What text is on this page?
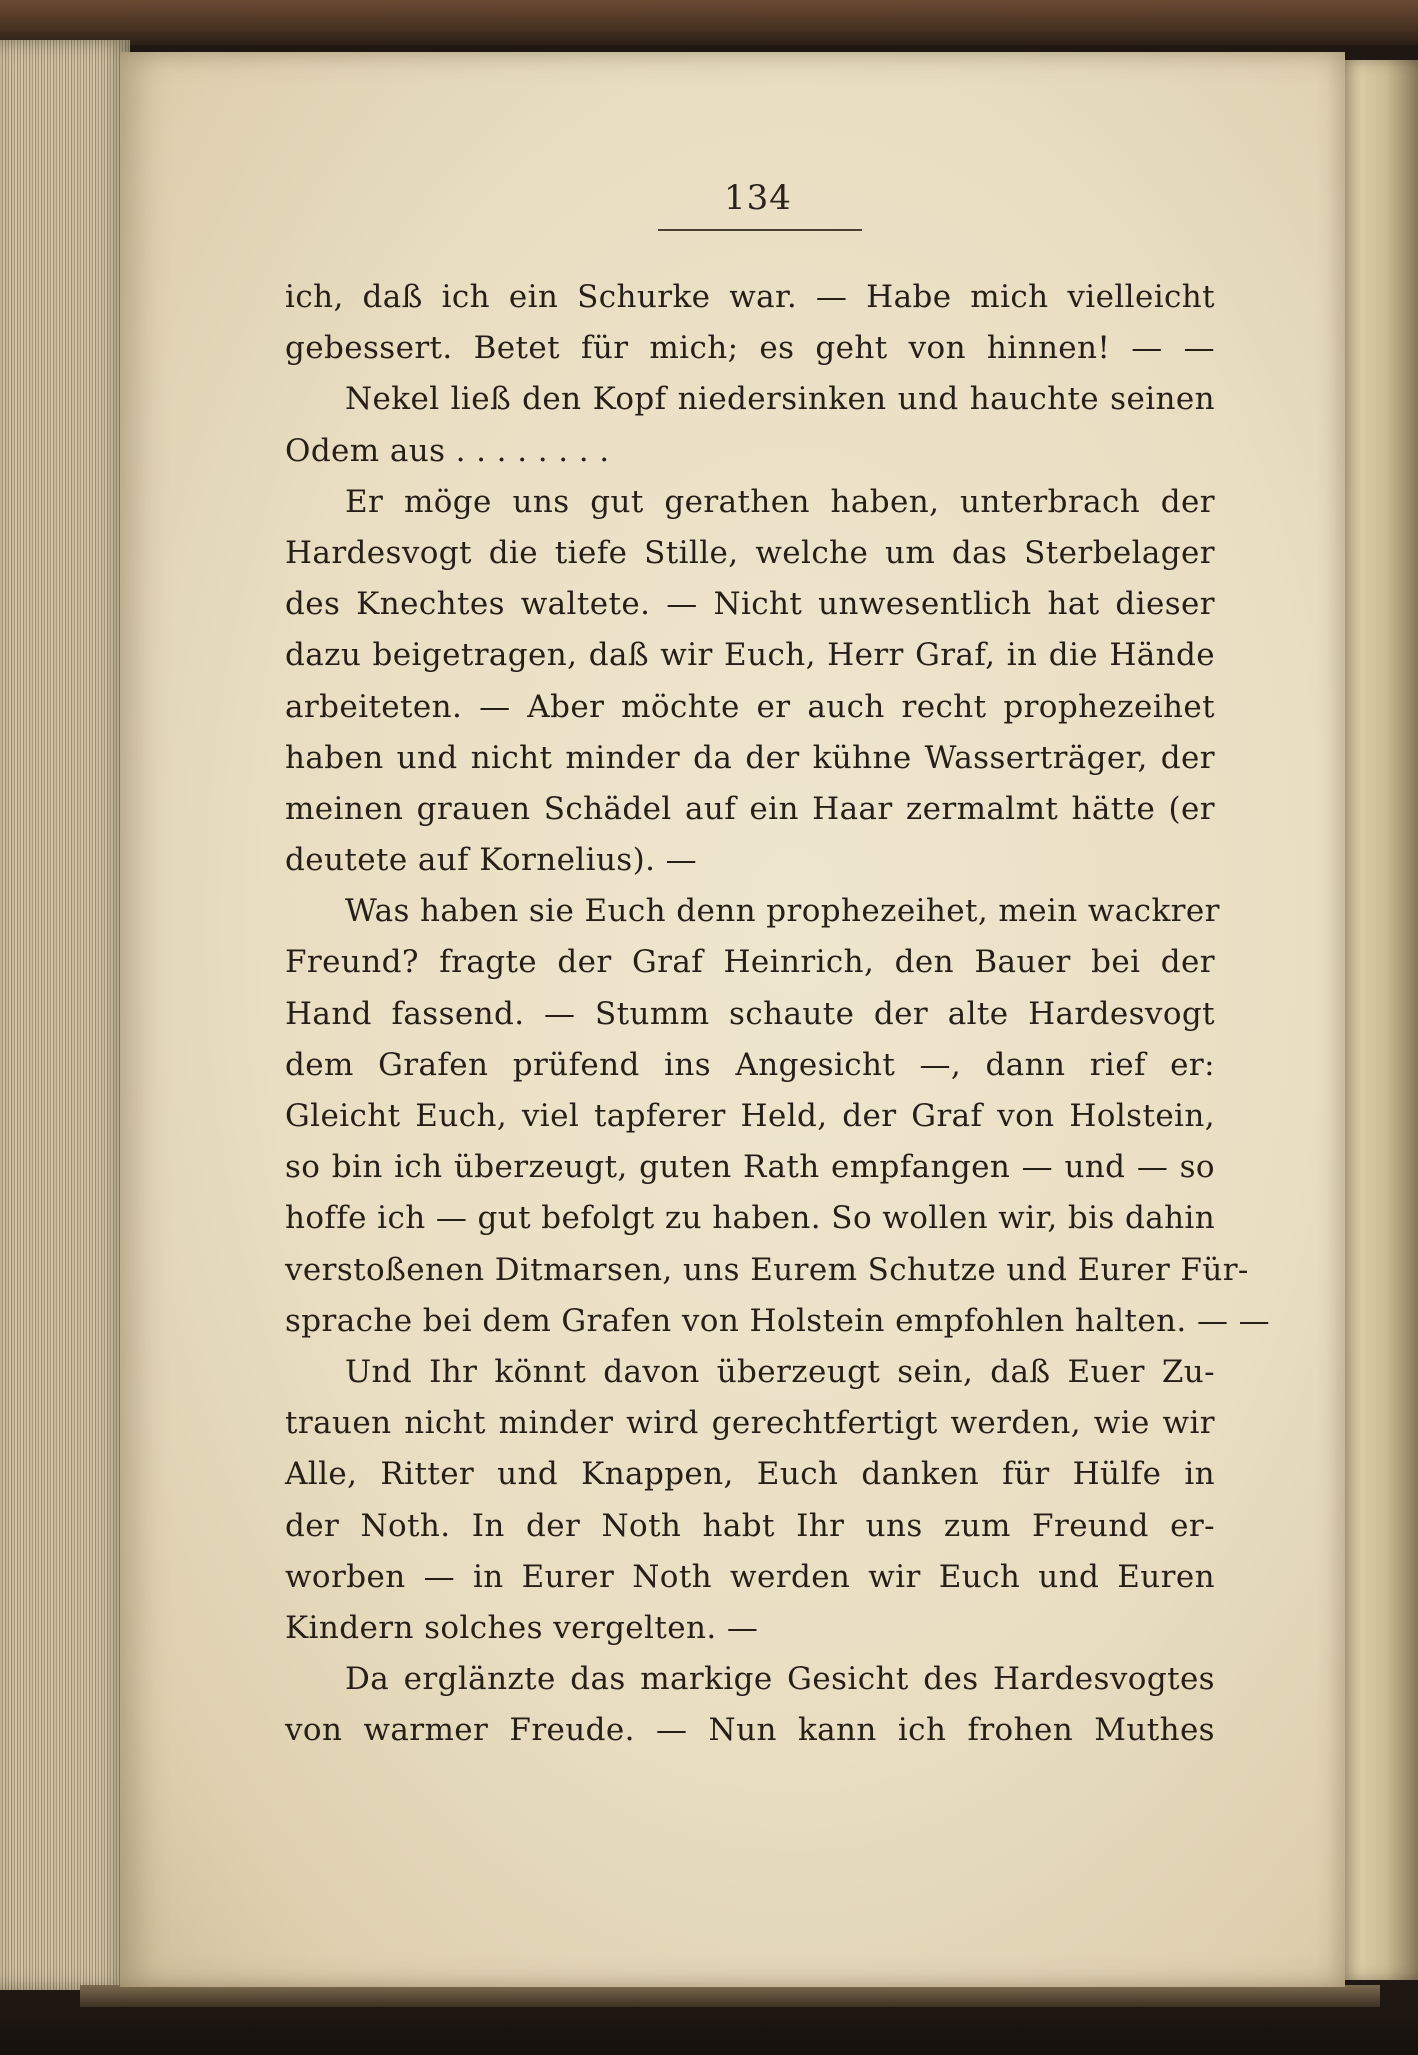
134
ich, daß ich ein Schurke war. — Habe mich vielleicht
gebessert. Betet für mich; es geht von hinnen! — —
Nekel ließ den Kopf niedersinken und hauchte seinen
Odem aus . . . . . . . .
Er möge uns gut gerathen haben, unterbrach der
Hardesvogt die tiefe Stille, welche um das Sterbelager
des Knechtes waltete. — Nicht unwesentlich hat dieser
dazu beigetragen, daß wir Euch, Herr Graf, in die Hände
arbeiteten. — Aber möchte er auch recht prophezeihet
haben und nicht minder da der kühne Wasserträger, der
meinen grauen Schädel auf ein Haar zermalmt hätte (er
deutete auf Kornelius). —
Was haben sie Euch denn prophezeihet, mein wackrer
Freund? fragte der Graf Heinrich, den Bauer bei der
Hand fassend. — Stumm schaute der alte Hardesvogt
dem Grafen prüfend ins Angesicht —, dann rief er:
Gleicht Euch, viel tapferer Held, der Graf von Holstein,
so bin ich überzeugt, guten Rath empfangen — und — so
hoffe ich — gut befolgt zu haben. So wollen wir, bis dahin
verstoßenen Ditmarsen, uns Eurem Schutze und Eurer Für-
sprache bei dem Grafen von Holstein empfohlen halten. — —
Und Ihr könnt davon überzeugt sein, daß Euer Zu-
trauen nicht minder wird gerechtfertigt werden, wie wir
Alle, Ritter und Knappen, Euch danken für Hülfe in
der Noth. In der Noth habt Ihr uns zum Freund er-
worben — in Eurer Noth werden wir Euch und Euren
Kindern solches vergelten. —
Da erglänzte das markige Gesicht des Hardesvogtes
von warmer Freude. — Nun kann ich frohen Muthes
